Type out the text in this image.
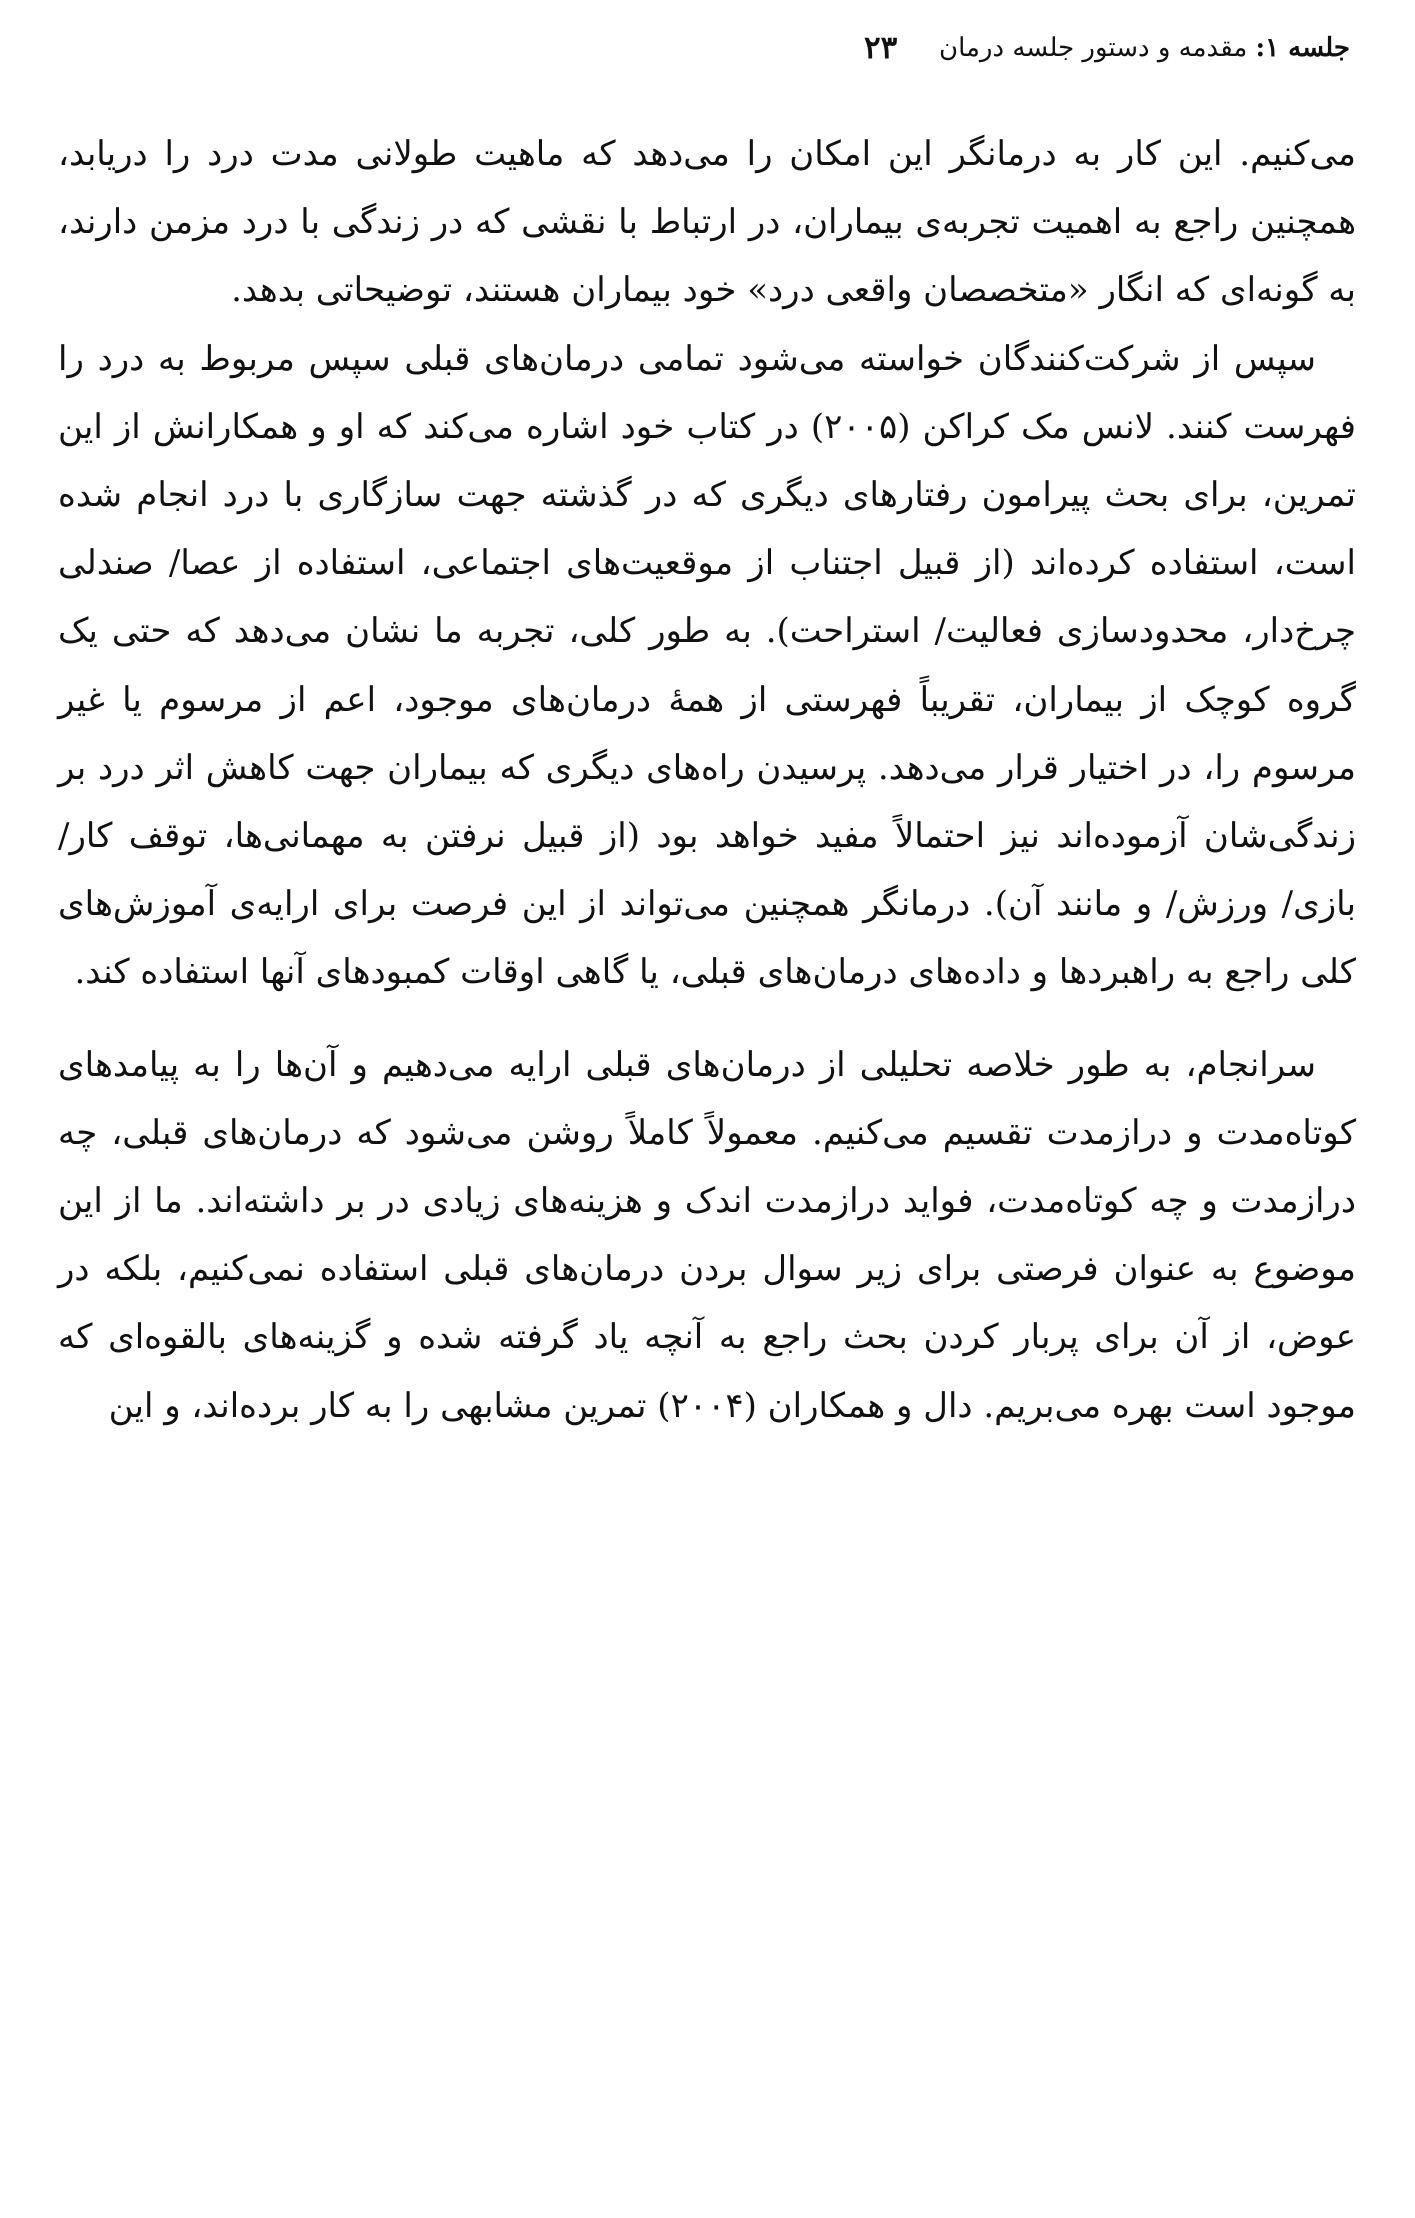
جلسه ۱: مقدمه و دستور جلسه درمان
۲۳

می‌کنیم. این کار به درمانگر این امکان را می‌دهد که ماهیت طولانی مدت درد را دریابد، همچنین راجع به اهمیت تجربه‌ی بیماران، در ارتباط با نقشی که در زندگی با درد مزمن دارند، به گونه‌ای که انگار «متخصصان واقعی درد» خود بیماران هستند، توضیحاتی بدهد.

سپس از شرکت‌کنندگان خواسته می‌شود تمامی درمان‌های قبلی سپس مربوط به درد را فهرست کنند. لانس مک کراکن (۲۰۰۵) در کتاب خود اشاره می‌کند که او و همکارانش از این تمرین، برای بحث پیرامون رفتارهای دیگری که در گذشته جهت سازگاری با درد انجام شده است، استفاده کرده‌اند (از قبیل اجتناب از موقعیت‌های اجتماعی، استفاده از عصا/ صندلی چرخ‌دار، محدودسازی فعالیت/ استراحت). به طور کلی، تجربه ما نشان می‌دهد که حتی یک گروه کوچک از بیماران، تقریباً فهرستی از همهٔ درمان‌های موجود، اعم از مرسوم یا غیر مرسوم را، در اختیار قرار می‌دهد. پرسیدن راه‌های دیگری که بیماران جهت کاهش اثر درد بر زندگی‌شان آزموده‌اند نیز احتمالاً مفید خواهد بود (از قبیل نرفتن به مهمانی‌ها، توقف کار/ بازی/ ورزش/ و مانند آن). درمانگر همچنین می‌تواند از این فرصت برای ارایه‌ی آموزش‌های کلی راجع به راهبردها و داده‌های درمان‌های قبلی، یا گاهی اوقات کمبودهای آنها استفاده کند.

سرانجام، به طور خلاصه تحلیلی از درمان‌های قبلی ارایه می‌دهیم و آن‌ها را به پیامدهای کوتاه‌مدت و درازمدت تقسیم می‌کنیم. معمولاً کاملاً روشن می‌شود که درمان‌های قبلی، چه درازمدت و چه کوتاه‌مدت، فواید درازمدت اندک و هزینه‌های زیادی در بر داشته‌اند. ما از این موضوع به عنوان فرصتی برای زیر سوال بردن درمان‌های قبلی استفاده نمی‌کنیم، بلکه در عوض، از آن برای پربار کردن بحث راجع به آنچه یاد گرفته شده و گزینه‌های بالقوه‌ای که موجود است بهره می‌بریم. دال و همکاران (۲۰۰۴) تمرین مشابهی را به کار برده‌اند، و این
